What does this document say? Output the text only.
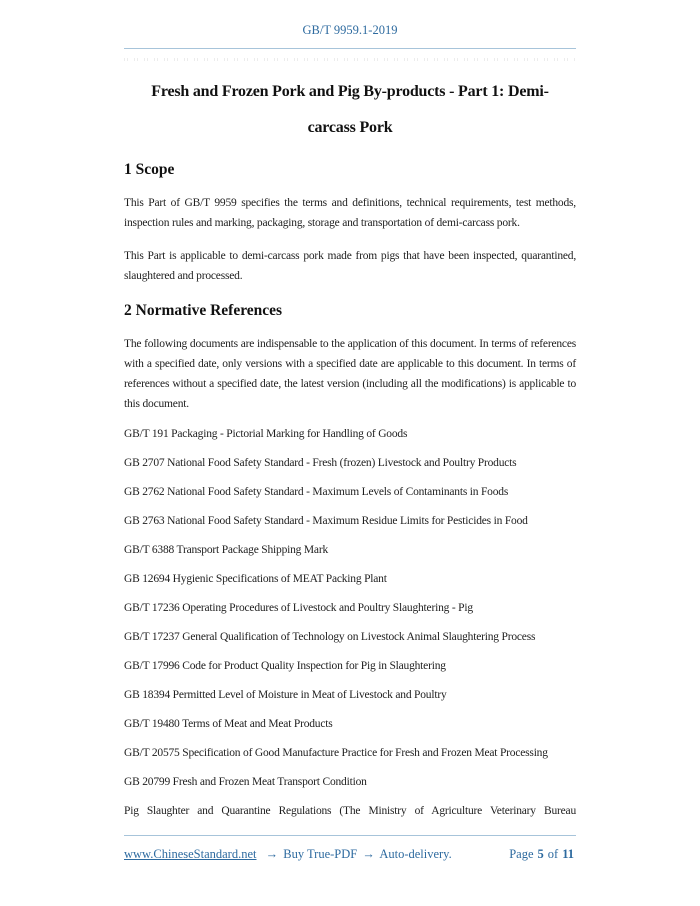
GB/T 9959.1-2019
Fresh and Frozen Pork and Pig By-products - Part 1: Demi-
carcass Pork
1 Scope

This Part of GB/T 9959 specifies the terms and definitions, technical requirements, test methods, inspection rules and marking, packaging, storage and transportation of demi-carcass pork.

This Part is applicable to demi-carcass pork made from pigs that have been inspected, quarantined, slaughtered and processed.

2 Normative References

The following documents are indispensable to the application of this document. In terms of references with a specified date, only versions with a specified date are applicable to this document. In terms of references without a specified date, the latest version (including all the modifications) is applicable to this document.

GB/T 191 Packaging - Pictorial Marking for Handling of Goods

GB 2707 National Food Safety Standard - Fresh (frozen) Livestock and Poultry Products

GB 2762 National Food Safety Standard - Maximum Levels of Contaminants in Foods

GB 2763 National Food Safety Standard - Maximum Residue Limits for Pesticides in Food

GB/T 6388 Transport Package Shipping Mark

GB 12694 Hygienic Specifications of MEAT Packing Plant

GB/T 17236 Operating Procedures of Livestock and Poultry Slaughtering - Pig

GB/T 17237 General Qualification of Technology on Livestock Animal Slaughtering Process

GB/T 17996 Code for Product Quality Inspection for Pig in Slaughtering

GB 18394 Permitted Level of Moisture in Meat of Livestock and Poultry

GB/T 19480 Terms of Meat and Meat Products

GB/T 20575 Specification of Good Manufacture Practice for Fresh and Frozen Meat Processing

GB 20799 Fresh and Frozen Meat Transport Condition

Pig Slaughter and Quarantine Regulations (The Ministry of Agriculture Veterinary Bureau

www.ChineseStandard.net → Buy True-PDF → Auto-delivery.	Page 5 of 11
